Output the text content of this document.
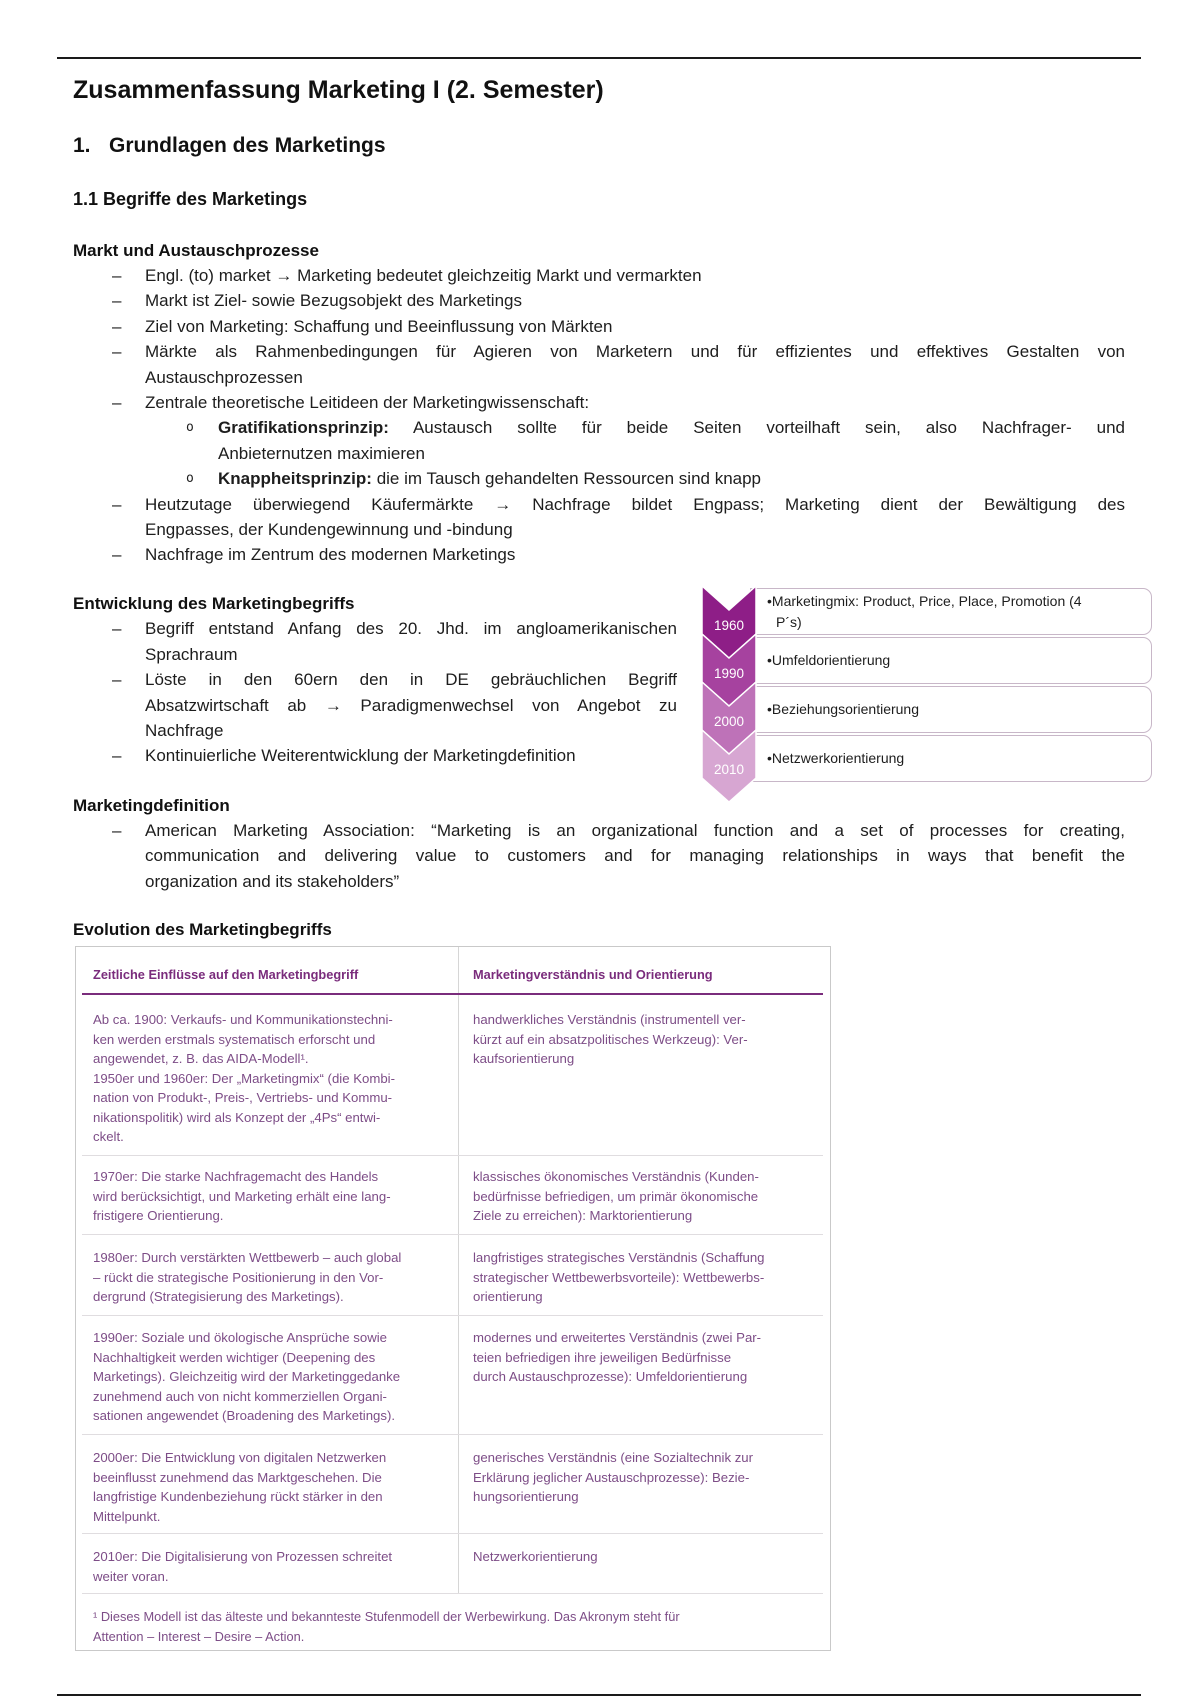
Zusammenfassung Marketing I (2. Semester)
1. Grundlagen des Marketings
1.1 Begriffe des Marketings
Markt und Austauschprozesse
– Engl. (to) market → Marketing bedeutet gleichzeitig Markt und vermarkten
– Markt ist Ziel- sowie Bezugsobjekt des Marketings
– Ziel von Marketing: Schaffung und Beeinflussung von Märkten
– Märkte als Rahmenbedingungen für Agieren von Marketern und für effizientes und effektives Gestalten von
Austauschprozessen
– Zentrale theoretische Leitideen der Marketingwissenschaft:
o Gratifikationsprinzip: Austausch sollte für beide Seiten vorteilhaft sein, also Nachfrager- und
Anbieternutzen maximieren
o Knappheitsprinzip: die im Tausch gehandelten Ressourcen sind knapp
– Heutzutage überwiegend Käufermärkte → Nachfrage bildet Engpass; Marketing dient der Bewältigung des
Engpasses, der Kundengewinnung und -bindung
– Nachfrage im Zentrum des modernen Marketings
Entwicklung des Marketingbegriffs
– Begriff entstand Anfang des 20. Jhd. im angloamerikanischen
Sprachraum
– Löste in den 60ern den in DE gebräuchlichen Begriff
Absatzwirtschaft ab → Paradigmenwechsel von Angebot zu
Nachfrage
– Kontinuierliche Weiterentwicklung der Marketingdefinition
•Marketingmix: Product, Price, Place, Promotion (4
P´s)
•Umfeldorientierung
•Beziehungsorientierung
•Netzwerkorientierung
1960
1990
2000
2010
Marketingdefinition
– American Marketing Association: “Marketing is an organizational function and a set of processes for creating,
communication and delivering value to customers and for managing relationships in ways that benefit the
organization and its stakeholders”
Evolution des Marketingbegriffs
Zeitliche Einflüsse auf den Marketingbegriff	Marketingverständnis und Orientierung
Ab ca. 1900: Verkaufs- und Kommunikationstechni-
ken werden erstmals systematisch erforscht und
angewendet, z. B. das AIDA-Modell¹.
1950er und 1960er: Der „Marketingmix“ (die Kombi-
nation von Produkt-, Preis-, Vertriebs- und Kommu-
nikationspolitik) wird als Konzept der „4Ps“ entwi-
ckelt.
handwerkliches Verständnis (instrumentell ver-
kürzt auf ein absatzpolitisches Werkzeug): Ver-
kaufsorientierung
1970er: Die starke Nachfragemacht des Handels
wird berücksichtigt, und Marketing erhält eine lang-
fristigere Orientierung.
klassisches ökonomisches Verständnis (Kunden-
bedürfnisse befriedigen, um primär ökonomische
Ziele zu erreichen): Marktorientierung
1980er: Durch verstärkten Wettbewerb – auch global
– rückt die strategische Positionierung in den Vor-
dergrund (Strategisierung des Marketings).
langfristiges strategisches Verständnis (Schaffung
strategischer Wettbewerbsvorteile): Wettbewerbs-
orientierung
1990er: Soziale und ökologische Ansprüche sowie
Nachhaltigkeit werden wichtiger (Deepening des
Marketings). Gleichzeitig wird der Marketinggedanke
zunehmend auch von nicht kommerziellen Organi-
sationen angewendet (Broadening des Marketings).
modernes und erweitertes Verständnis (zwei Par-
teien befriedigen ihre jeweiligen Bedürfnisse
durch Austauschprozesse): Umfeldorientierung
2000er: Die Entwicklung von digitalen Netzwerken
beeinflusst zunehmend das Marktgeschehen. Die
langfristige Kundenbeziehung rückt stärker in den
Mittelpunkt.
generisches Verständnis (eine Sozialtechnik zur
Erklärung jeglicher Austauschprozesse): Bezie-
hungsorientierung
2010er: Die Digitalisierung von Prozessen schreitet
weiter voran.
Netzwerkorientierung
¹ Dieses Modell ist das älteste und bekannteste Stufenmodell der Werbewirkung. Das Akronym steht für
Attention – Interest – Desire – Action.
